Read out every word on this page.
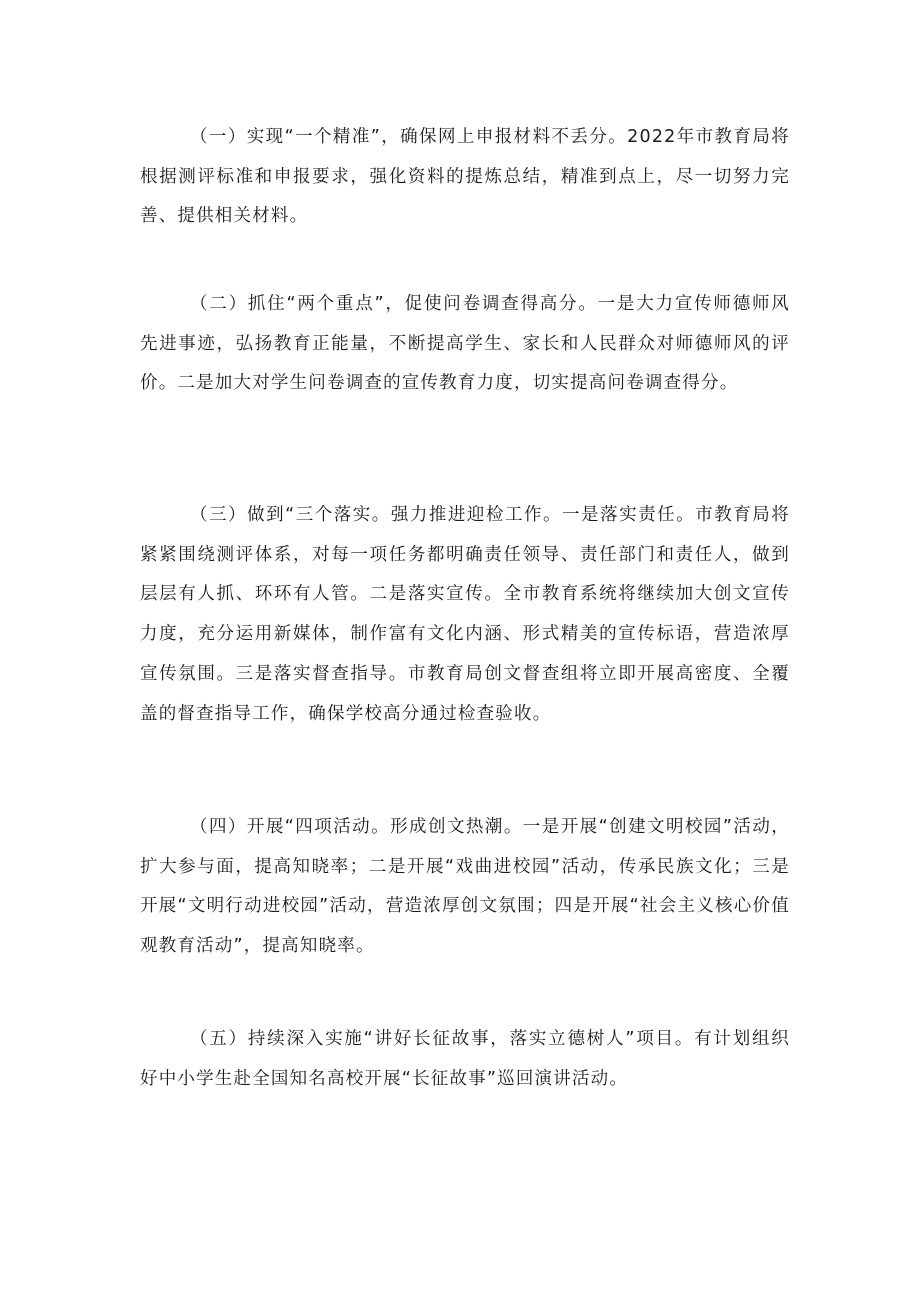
（一）实现“一个精准”，确保网上申报材料不丢分。2022年市教育局将根据测评标准和申报要求，强化资料的提炼总结，精准到点上，尽一切努力完善、提供相关材料。

（二）抓住“两个重点”，促使问卷调查得高分。一是大力宣传师德师风先进事迹，弘扬教育正能量，不断提高学生、家长和人民群众对师德师风的评价。二是加大对学生问卷调查的宣传教育力度，切实提高问卷调查得分。

（三）做到“三个落实。强力推进迎检工作。一是落实责任。市教育局将紧紧围绕测评体系，对每一项任务都明确责任领导、责任部门和责任人，做到层层有人抓、环环有人管。二是落实宣传。全市教育系统将继续加大创文宣传力度，充分运用新媒体，制作富有文化内涵、形式精美的宣传标语，营造浓厚宣传氛围。三是落实督查指导。市教育局创文督查组将立即开展高密度、全覆盖的督查指导工作，确保学校高分通过检查验收。

（四）开展“四项活动。形成创文热潮。一是开展“创建文明校园”活动，扩大参与面，提高知晓率；二是开展“戏曲进校园”活动，传承民族文化；三是开展“文明行动进校园”活动，营造浓厚创文氛围；四是开展“社会主义核心价值观教育活动”，提高知晓率。

（五）持续深入实施“讲好长征故事，落实立德树人”项目。有计划组织好中小学生赴全国知名高校开展“长征故事”巡回演讲活动。
